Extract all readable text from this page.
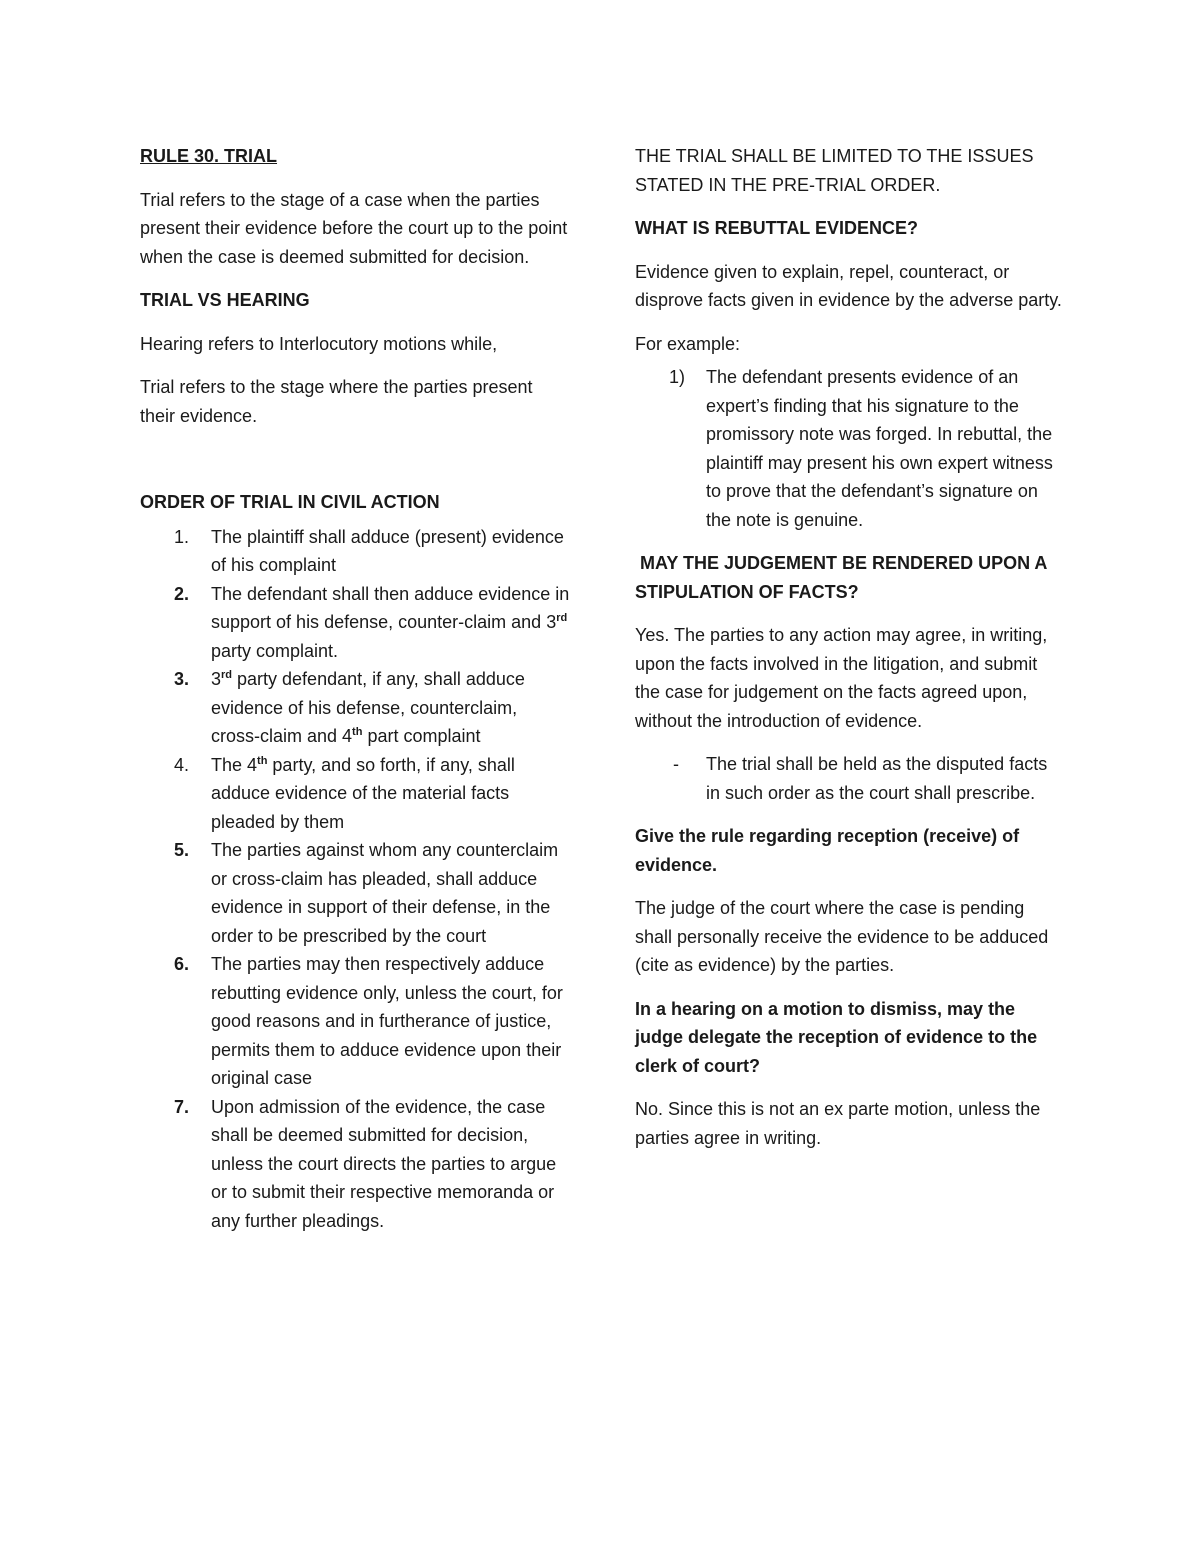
RULE 30. TRIAL

Trial refers to the stage of a case when the parties present their evidence before the court up to the point when the case is deemed submitted for decision.

TRIAL VS HEARING

Hearing refers to Interlocutory motions while,

Trial refers to the stage where the parties present their evidence.

ORDER OF TRIAL IN CIVIL ACTION

1. The plaintiff shall adduce (present) evidence of his complaint
2. The defendant shall then adduce evidence in support of his defense, counter-claim and 3rd party complaint.
3. 3rd party defendant, if any, shall adduce evidence of his defense, counterclaim, cross-claim and 4th part complaint
4. The 4th party, and so forth, if any, shall adduce evidence of the material facts pleaded by them
5. The parties against whom any counterclaim or cross-claim has pleaded, shall adduce evidence in support of their defense, in the order to be prescribed by the court
6. The parties may then respectively adduce rebutting evidence only, unless the court, for good reasons and in furtherance of justice, permits them to adduce evidence upon their original case
7. Upon admission of the evidence, the case shall be deemed submitted for decision, unless the court directs the parties to argue or to submit their respective memoranda or any further pleadings.

THE TRIAL SHALL BE LIMITED TO THE ISSUES STATED IN THE PRE-TRIAL ORDER.

WHAT IS REBUTTAL EVIDENCE?

Evidence given to explain, repel, counteract, or disprove facts given in evidence by the adverse party.

For example:

1) The defendant presents evidence of an expert’s finding that his signature to the promissory note was forged. In rebuttal, the plaintiff may present his own expert witness to prove that the defendant’s signature on the note is genuine.

MAY THE JUDGEMENT BE RENDERED UPON A STIPULATION OF FACTS?

Yes. The parties to any action may agree, in writing, upon the facts involved in the litigation, and submit the case for judgement on the facts agreed upon, without the introduction of evidence.

- The trial shall be held as the disputed facts in such order as the court shall prescribe.

Give the rule regarding reception (receive) of evidence.

The judge of the court where the case is pending shall personally receive the evidence to be adduced (cite as evidence) by the parties.

In a hearing on a motion to dismiss, may the judge delegate the reception of evidence to the clerk of court?

No. Since this is not an ex parte motion, unless the parties agree in writing.
